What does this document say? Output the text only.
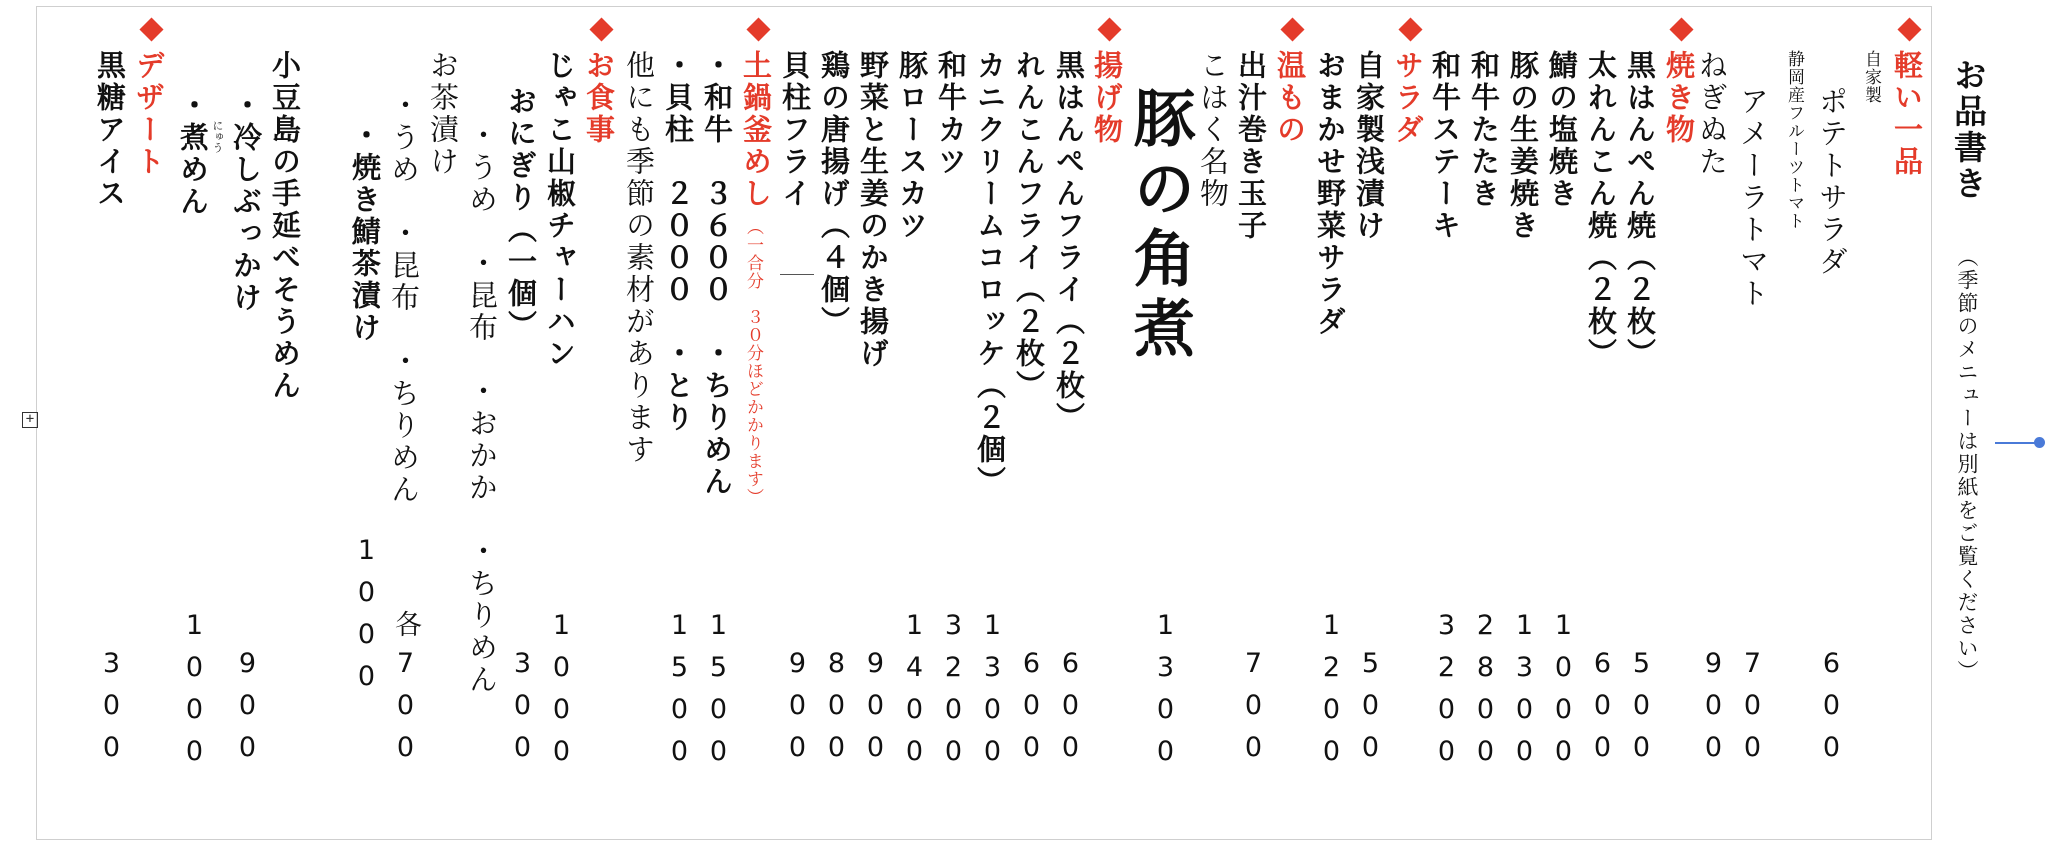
+
お品書き
（季節のメニューは別紙をご覧ください）
軽い一品
自家製
ポテトサラダ
静岡産フルーツトマト
アメーラトマト
ねぎぬた
焼き物
黒はんぺん焼（２枚）
太れんこん焼（２枚）
鯖の塩焼き
豚の生姜焼き
和牛たたき
和牛ステーキ
サラダ
自家製浅漬け
おまかせ野菜サラダ
温もの
出汁巻き玉子
こはく名物
豚の角煮
揚げ物
黒はんぺんフライ（２枚）
れんこんフライ（２枚）
カニクリームコロッケ（２個）
和牛カツ
豚ロースカツ
野菜と生姜のかき揚げ
鶏の唐揚げ（４個）
貝柱フライ
土鍋釜めし
（一合分　３０分ほどかかります）
・和牛　３６００　・ちりめん
・貝柱　２０００　・とり
他にも季節の素材があります
お食事
じゃこ山椒チャーハン
おにぎり（一個）
・うめ　・昆布　・おかか　・ちりめん
お茶漬け
・うめ　・昆布　・ちりめん
・焼き鯖茶漬け
小豆島の手延べそうめん
・冷しぶっかけ
・煮めん にゅう
デザート
黒糖アイス
600
700
900
500
600
1000
1300
2800
3200
500
1200
700
1300
600
600
1300
3200
1400
900
800
900
1500
1500
1000
300
各700
1000
900
1000
300
